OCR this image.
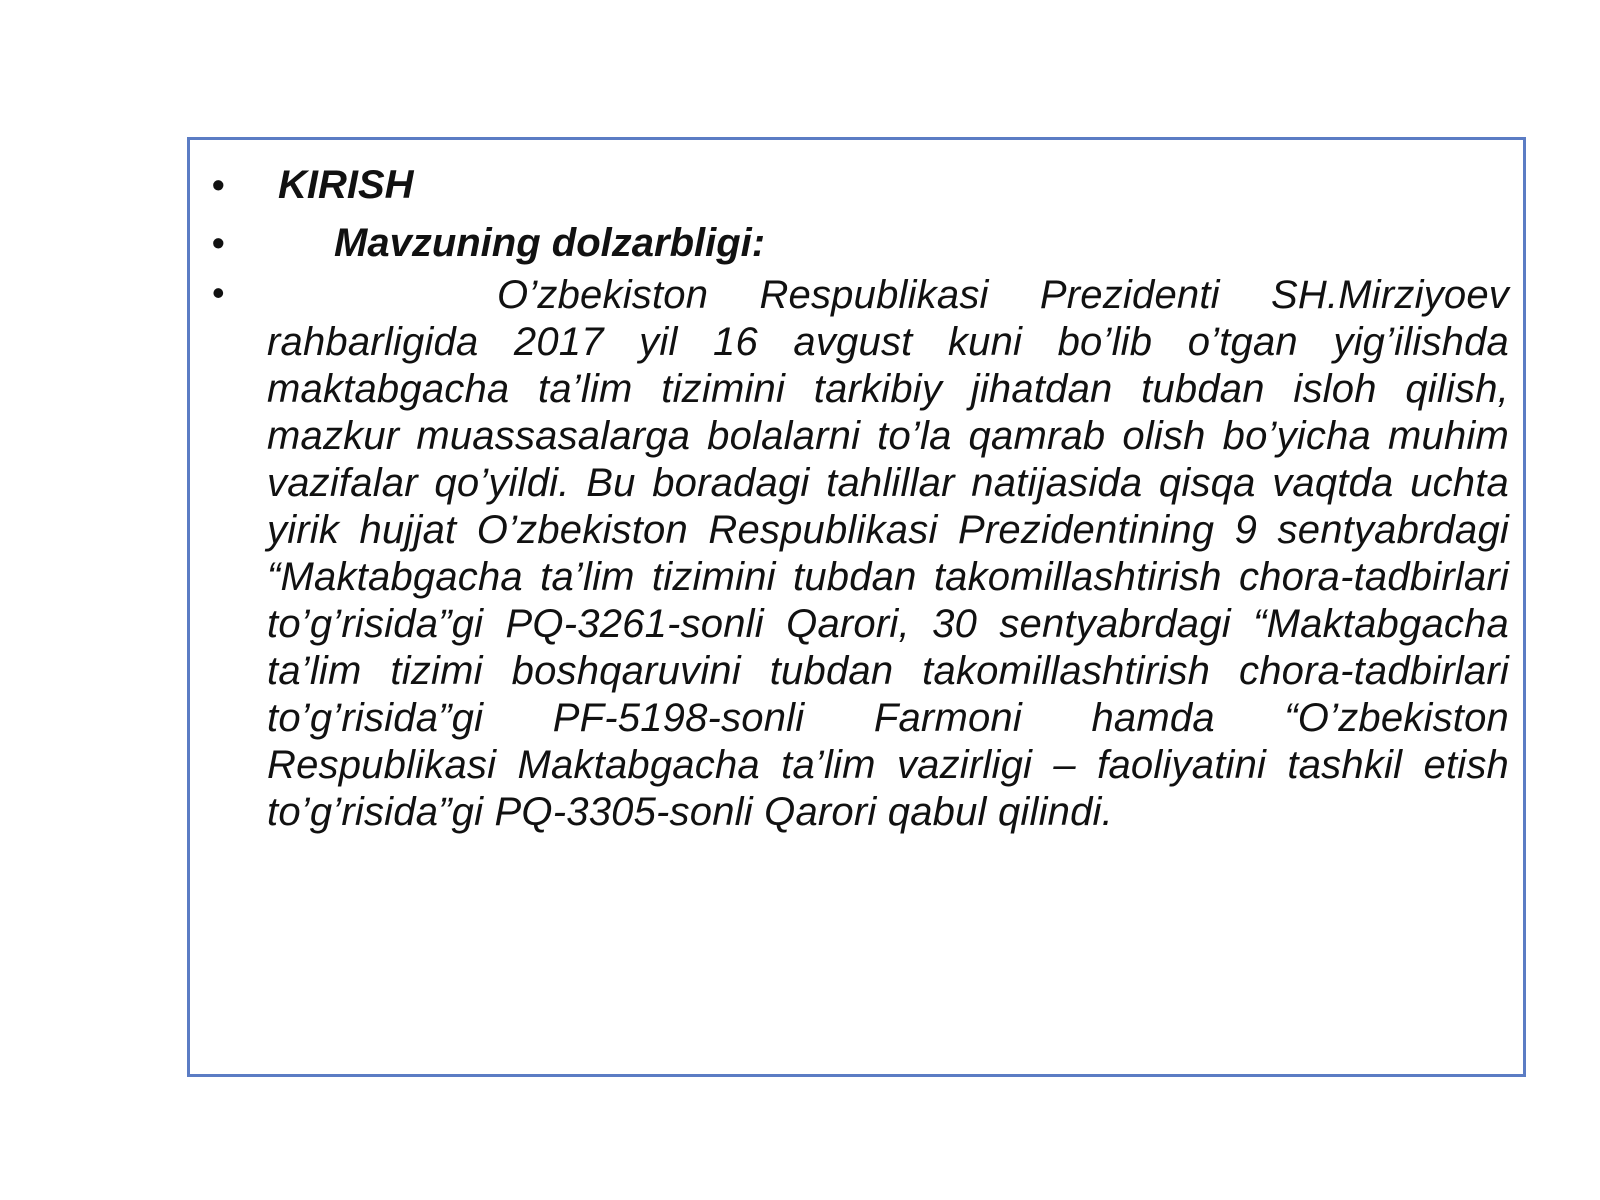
• KIRISH
•	Mavzuning dolzarbligi:
•	O’zbekiston Respublikasi Prezidenti SH.Mirziyoev rahbarligida 2017 yil 16 avgust kuni bo’lib o’tgan yig’ilishda maktabgacha ta’lim tizimini tarkibiy jihatdan tubdan isloh qilish, mazkur muassasalarga bolalarni to’la qamrab olish bo’yicha muhim vazifalar qo’yildi. Bu boradagi tahlillar natijasida qisqa vaqtda uchta yirik hujjat O’zbekiston Respublikasi Prezidentining 9 sentyabrdagi “Maktabgacha ta’lim tizimini tubdan takomillashtirish chora-tadbirlari to’g’risida”gi PQ-3261-sonli Qarori, 30 sentyabrdagi “Maktabgacha ta’lim tizimi boshqaruvini tubdan takomillashtirish chora-tadbirlari to’g’risida”gi PF-5198-sonli Farmoni hamda “O’zbekiston Respublikasi Maktabgacha ta’lim vazirligi – faoliyatini tashkil etish to’g’risida”gi PQ-3305-sonli Qarori qabul qilindi.
